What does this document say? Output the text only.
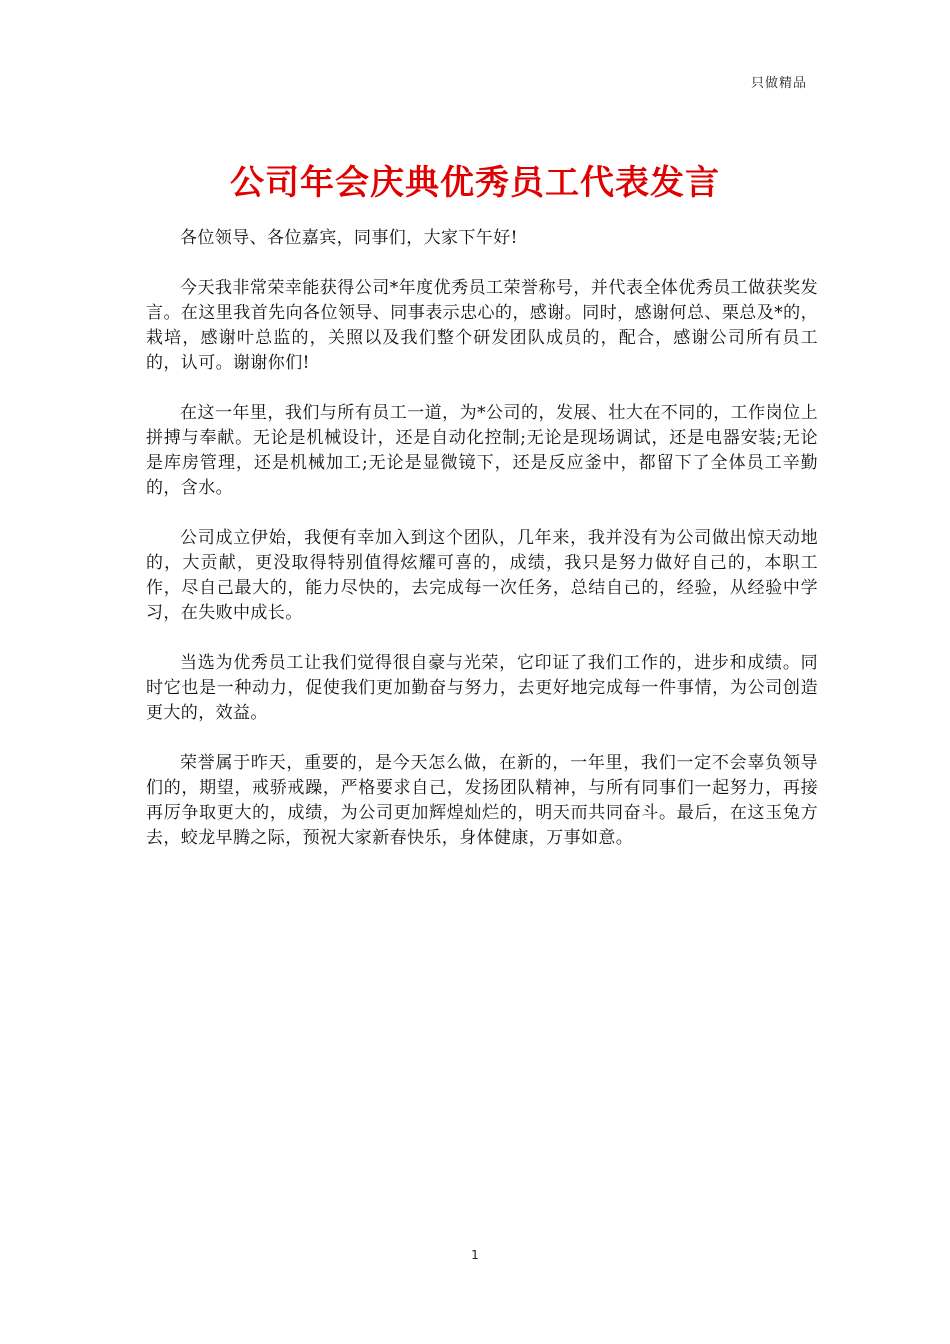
只做精品
公司年会庆典优秀员工代表发言

各位领导、各位嘉宾，同事们，大家下午好!

今天我非常荣幸能获得公司*年度优秀员工荣誉称号，并代表全体优秀员工做获奖发言。在这里我首先向各位领导、同事表示忠心的，感谢。同时，感谢何总、栗总及*的，栽培，感谢叶总监的，关照以及我们整个研发团队成员的，配合，感谢公司所有员工的，认可。谢谢你们!

在这一年里，我们与所有员工一道，为*公司的，发展、壮大在不同的，工作岗位上拼搏与奉献。无论是机械设计，还是自动化控制;无论是现场调试，还是电器安装;无论是库房管理，还是机械加工;无论是显微镜下，还是反应釜中，都留下了全体员工辛勤的，含水。

公司成立伊始，我便有幸加入到这个团队，几年来，我并没有为公司做出惊天动地的，大贡献，更没取得特别值得炫耀可喜的，成绩，我只是努力做好自己的，本职工作，尽自己最大的，能力尽快的，去完成每一次任务，总结自己的，经验，从经验中学习，在失败中成长。

当选为优秀员工让我们觉得很自豪与光荣，它印证了我们工作的，进步和成绩。同时它也是一种动力，促使我们更加勤奋与努力，去更好地完成每一件事情，为公司创造更大的，效益。

荣誉属于昨天，重要的，是今天怎么做，在新的，一年里，我们一定不会辜负领导们的，期望，戒骄戒躁，严格要求自己，发扬团队精神，与所有同事们一起努力，再接再厉争取更大的，成绩，为公司更加辉煌灿烂的，明天而共同奋斗。最后，在这玉兔方去，蛟龙早腾之际，预祝大家新春快乐，身体健康，万事如意。

1
